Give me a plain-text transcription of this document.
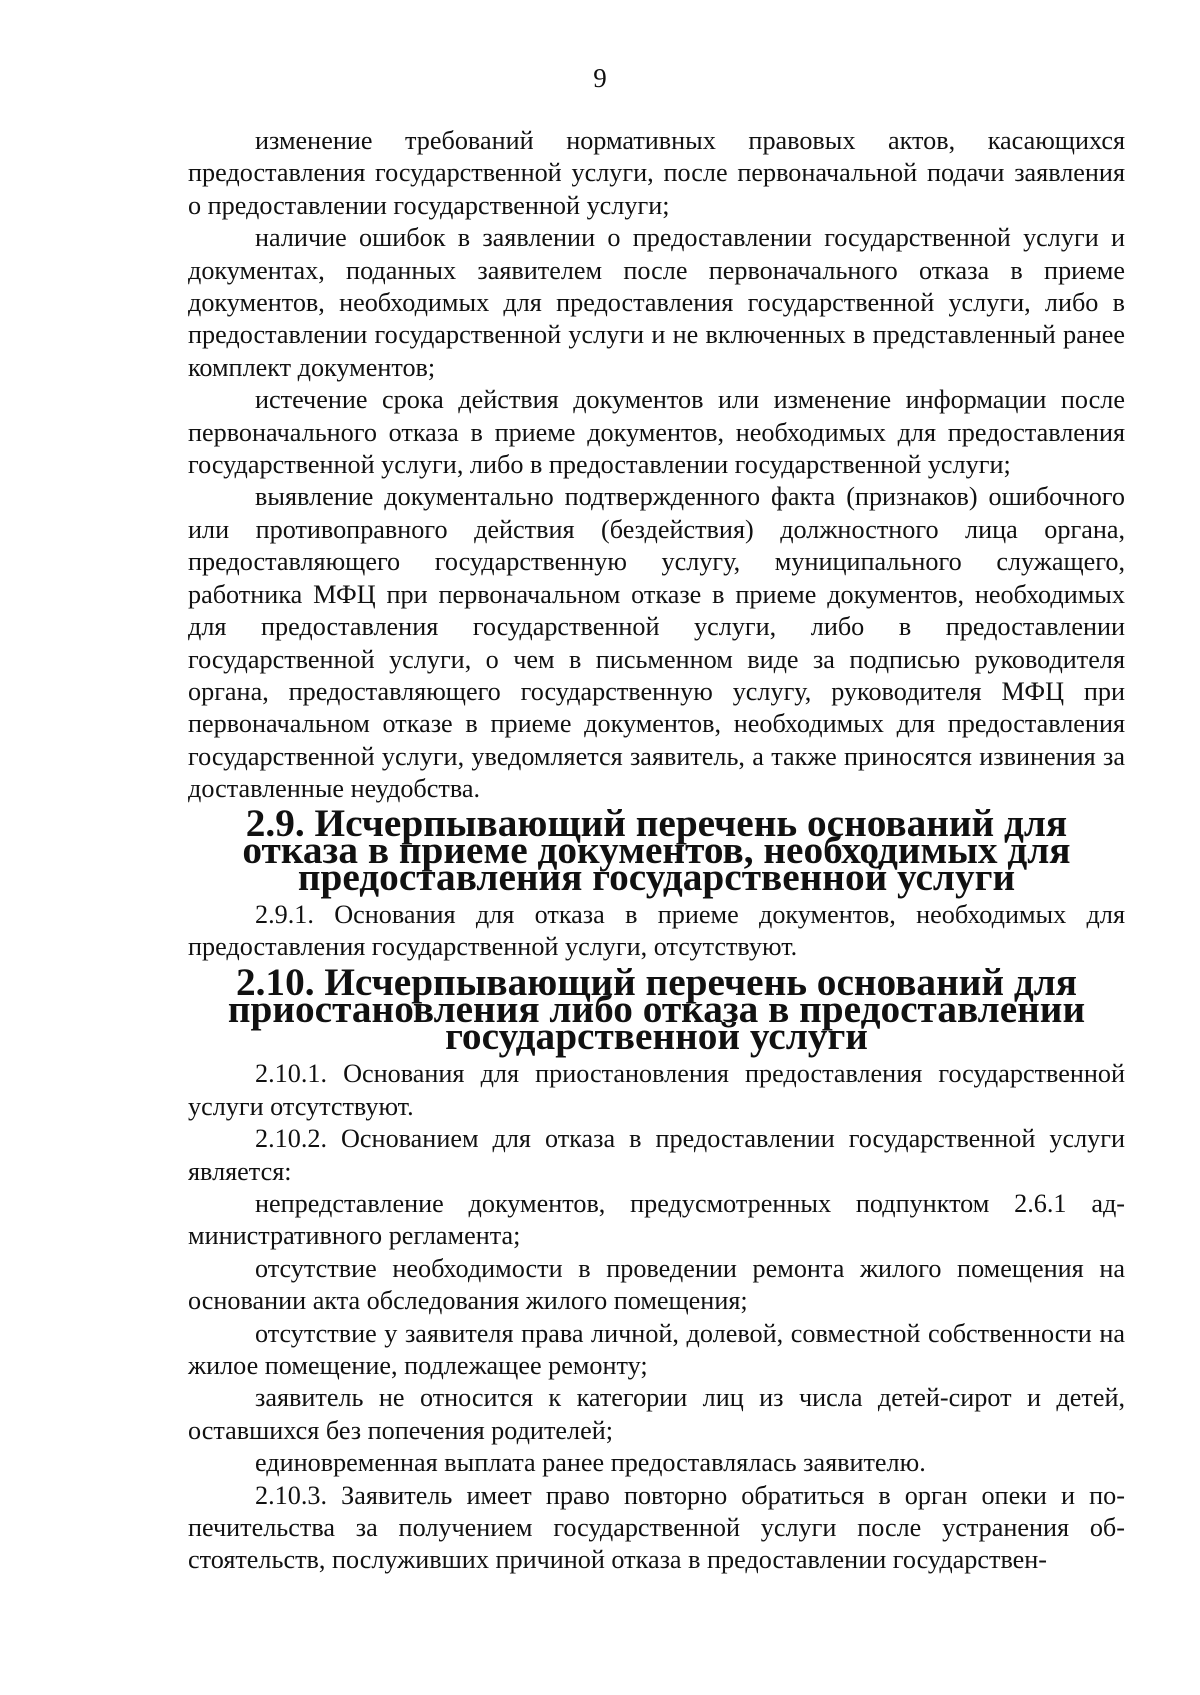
9

изменение требований нормативных правовых актов, касающихся предоставления государственной услуги, после первоначальной подачи заявления о предоставлении государственной услуги;

наличие ошибок в заявлении о предоставлении государственной услуги и документах, поданных заявителем после первоначального отказа в приеме документов, необходимых для предоставления государственной услуги, либо в предоставлении государственной услуги и не включенных в представленный ранее комплект документов;

истечение срока действия документов или изменение информации после первоначального отказа в приеме документов, необходимых для предоставления государственной услуги, либо в предоставлении государственной услуги;

выявление документально подтвержденного факта (признаков) ошибочного или противоправного действия (бездействия) должностного лица органа, предоставляющего государственную услугу, муниципального служащего, работника МФЦ при первоначальном отказе в приеме документов, необходимых для предоставления государственной услуги, либо в предоставлении государственной услуги, о чем в письменном виде за подписью руководителя органа, предоставляющего государственную услугу, руководителя МФЦ при первоначальном отказе в приеме документов, необходимых для предоставления государственной услуги, уведомляется заявитель, а также приносятся извинения за доставленные неудобства.

2.9. Исчерпывающий перечень оснований для отказа в приеме документов, необходимых для предоставления государственной услуги

2.9.1. Основания для отказа в приеме документов, необходимых для предоставления государственной услуги, отсутствуют.

2.10. Исчерпывающий перечень оснований для приостановления либо отказа в предоставлении государственной услуги

2.10.1. Основания для приостановления предоставления государственной услуги отсутствуют.

2.10.2. Основанием для отказа в предоставлении государственной услуги является:

непредставление документов, предусмотренных подпунктом 2.6.1 административного регламента;

отсутствие необходимости в проведении ремонта жилого помещения на основании акта обследования жилого помещения;

отсутствие у заявителя права личной, долевой, совместной собственности на жилое помещение, подлежащее ремонту;

заявитель не относится к категории лиц из числа детей-сирот и детей, оставшихся без попечения родителей;

единовременная выплата ранее предоставлялась заявителю.

2.10.3. Заявитель имеет право повторно обратиться в орган опеки и попечительства за получением государственной услуги после устранения обстоятельств, послуживших причиной отказа в предоставлении государствен-
